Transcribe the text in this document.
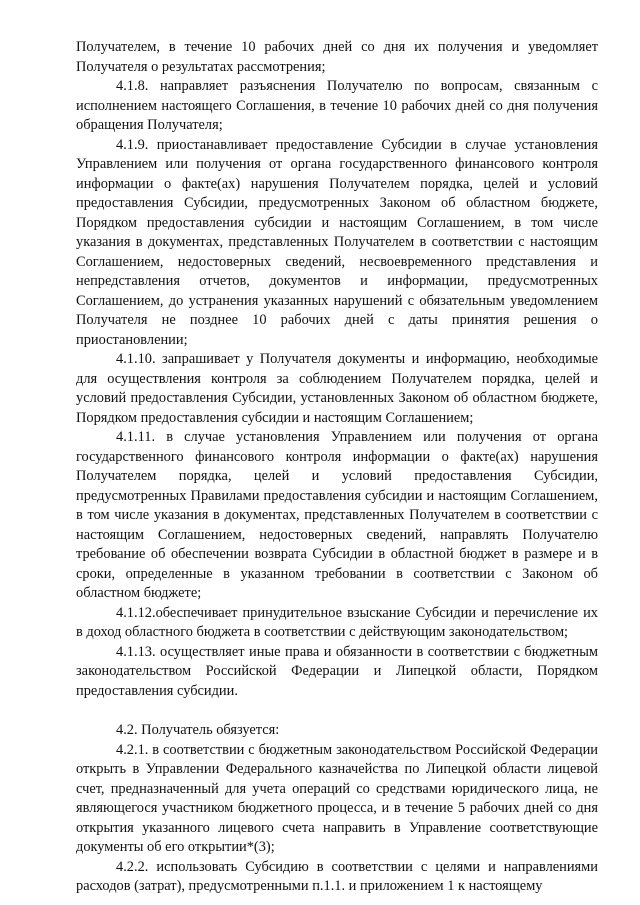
Получателем, в течение 10 рабочих дней со дня их получения и уведомляет Получателя о результатах рассмотрения;

4.1.8. направляет разъяснения Получателю по вопросам, связанным с исполнением настоящего Соглашения, в течение 10 рабочих дней со дня получения обращения Получателя;

4.1.9. приостанавливает предоставление Субсидии в случае установления Управлением или получения от органа государственного финансового контроля информации о факте(ах) нарушения Получателем порядка, целей и условий предоставления Субсидии, предусмотренных Законом об областном бюджете, Порядком предоставления субсидии и настоящим Соглашением, в том числе указания в документах, представленных Получателем в соответствии с настоящим Соглашением, недостоверных сведений, несвоевременного представления и непредставления отчетов, документов и информации, предусмотренных Соглашением, до устранения указанных нарушений с обязательным уведомлением Получателя не позднее 10 рабочих дней с даты принятия решения о приостановлении;

4.1.10. запрашивает у Получателя документы и информацию, необходимые для осуществления контроля за соблюдением Получателем порядка, целей и условий предоставления Субсидии, установленных Законом об областном бюджете, Порядком предоставления субсидии и настоящим Соглашением;

4.1.11. в случае установления Управлением или получения от органа государственного финансового контроля информации о факте(ах) нарушения Получателем порядка, целей и условий предоставления Субсидии, предусмотренных Правилами предоставления субсидии и настоящим Соглашением, в том числе указания в документах, представленных Получателем в соответствии с настоящим Соглашением, недостоверных сведений, направлять Получателю требование об обеспечении возврата Субсидии в областной бюджет в размере и в сроки, определенные в указанном требовании в соответствии с Законом об областном бюджете;

4.1.12.обеспечивает принудительное взыскание Субсидии и перечисление их в доход областного бюджета в соответствии с действующим законодательством;

4.1.13. осуществляет иные права и обязанности в соответствии с бюджетным законодательством Российской Федерации и Липецкой области, Порядком предоставления субсидии.

4.2. Получатель обязуется:

4.2.1. в соответствии с бюджетным законодательством Российской Федерации открыть в Управлении Федерального казначейства по Липецкой области лицевой счет, предназначенный для учета операций со средствами юридического лица, не являющегося участником бюджетного процесса, и в течение 5 рабочих дней со дня открытия указанного лицевого счета направить в Управление соответствующие документы об его открытии*(3);

4.2.2. использовать Субсидию в соответствии с целями и направлениями расходов (затрат), предусмотренными п.1.1. и приложением 1 к настоящему
